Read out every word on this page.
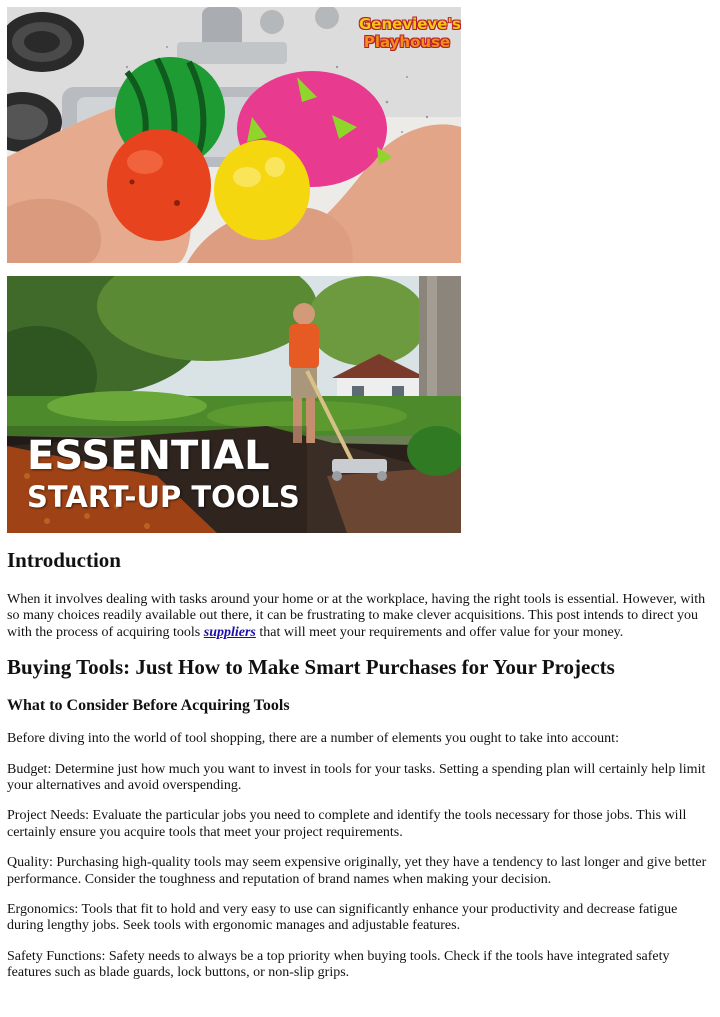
Genevieve's
Playhouse
ESSENTIAL
START-UP TOOLS
Introduction

When it involves dealing with tasks around your home or at the workplace, having the right tools is essential. However, with so many choices readily available out there, it can be frustrating to make clever acquisitions. This post intends to direct you with the process of acquiring tools suppliers that will meet your requirements and offer value for your money.

Buying Tools: Just How to Make Smart Purchases for Your Projects
What to Consider Before Acquiring Tools

Before diving into the world of tool shopping, there are a number of elements you ought to take into account:

Budget: Determine just how much you want to invest in tools for your tasks. Setting a spending plan will certainly help limit your alternatives and avoid overspending.

Project Needs: Evaluate the particular jobs you need to complete and identify the tools necessary for those jobs. This will certainly ensure you acquire tools that meet your project requirements.

Quality: Purchasing high-quality tools may seem expensive originally, yet they have a tendency to last longer and give better performance. Consider the toughness and reputation of brand names when making your decision.

Ergonomics: Tools that fit to hold and very easy to use can significantly enhance your productivity and decrease fatigue during lengthy jobs. Seek tools with ergonomic manages and adjustable features.

Safety Functions: Safety needs to always be a top priority when buying tools. Check if the tools have integrated safety features such as blade guards, lock buttons, or non-slip grips.
